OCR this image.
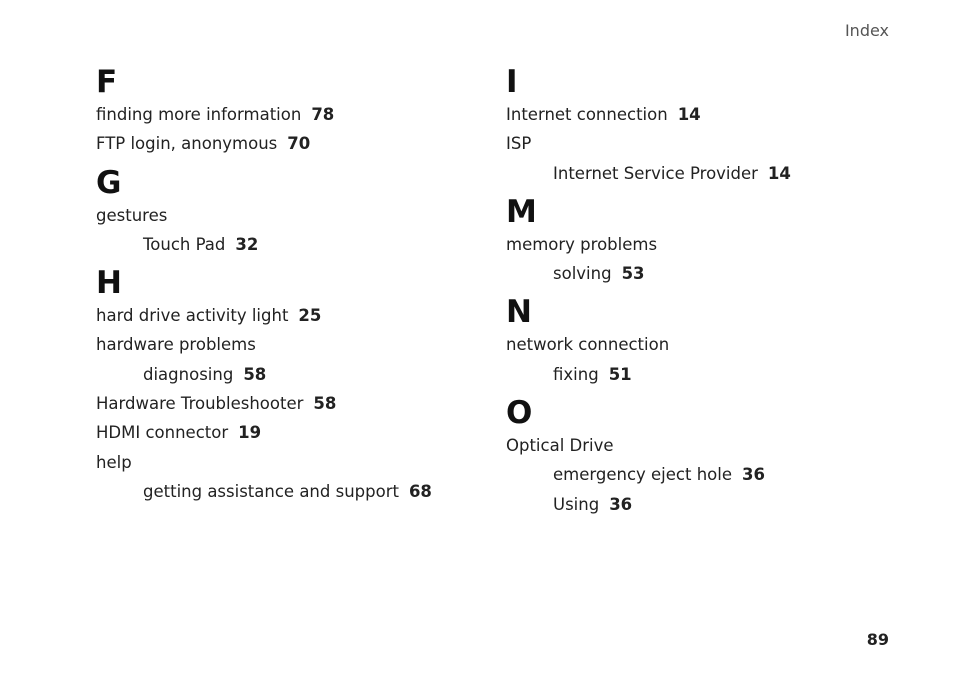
Index
F
finding more information 78
FTP login, anonymous 70
G
gestures
Touch Pad 32
H
hard drive activity light 25
hardware problems
diagnosing 58
Hardware Troubleshooter 58
HDMI connector 19
help
getting assistance and support 68
I
Internet connection 14
ISP
Internet Service Provider 14
M
memory problems
solving 53
N
network connection
fixing 51
O
Optical Drive
emergency eject hole 36
Using 36
89
